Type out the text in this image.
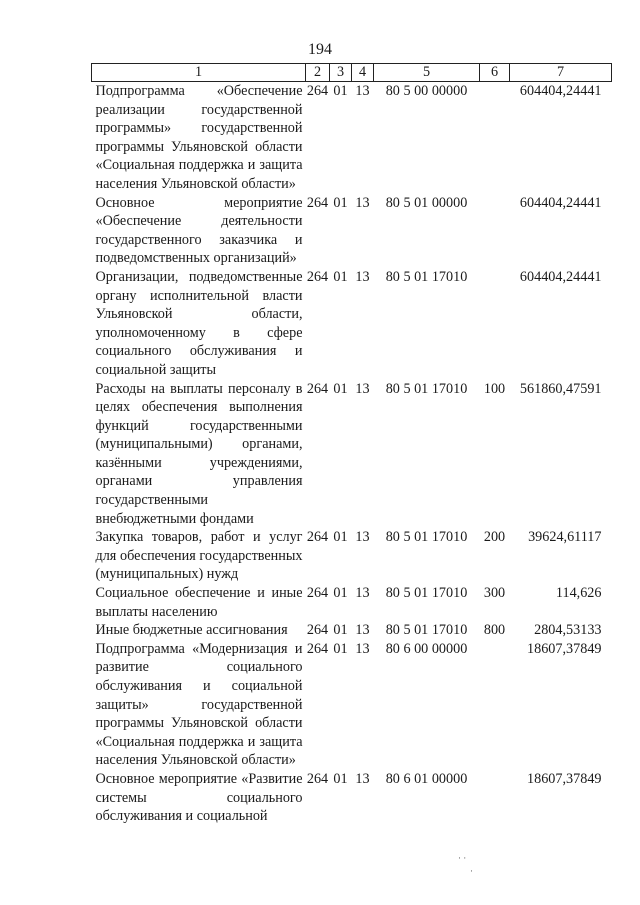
194
1	2	3	4	5	6	7
Подпрограмма «Обеспечение реализации государственной программы» государственной программы Ульяновской области «Социальная поддержка и защита населения Ульяновской области»	264	01	13	80 5 00 00000		604404,24441
Основное мероприятие «Обеспечение деятельности государственного заказчика и подведомственных организаций»	264	01	13	80 5 01 00000		604404,24441
Организации, подведомственные органу исполнительной власти Ульяновской области, уполномоченному в сфере социального обслуживания и социальной защиты	264	01	13	80 5 01 17010		604404,24441
Расходы на выплаты персоналу в целях обеспечения выполнения функций государственными (муниципальными) органами, казёнными учреждениями, органами управления государственными внебюджетными фондами	264	01	13	80 5 01 17010	100	561860,47591
Закупка товаров, работ и услуг для обеспечения государственных (муниципальных) нужд	264	01	13	80 5 01 17010	200	39624,61117
Социальное обеспечение и иные выплаты населению	264	01	13	80 5 01 17010	300	114,626
Иные бюджетные ассигнования	264	01	13	80 5 01 17010	800	2804,53133
Подпрограмма «Модернизация и развитие социального обслуживания и социальной защиты» государственной программы Ульяновской области «Социальная поддержка и защита населения Ульяновской области»	264	01	13	80 6 00 00000		18607,37849
Основное мероприятие «Развитие системы социального обслуживания и социальной	264	01	13	80 6 01 00000		18607,37849
· ·
·
